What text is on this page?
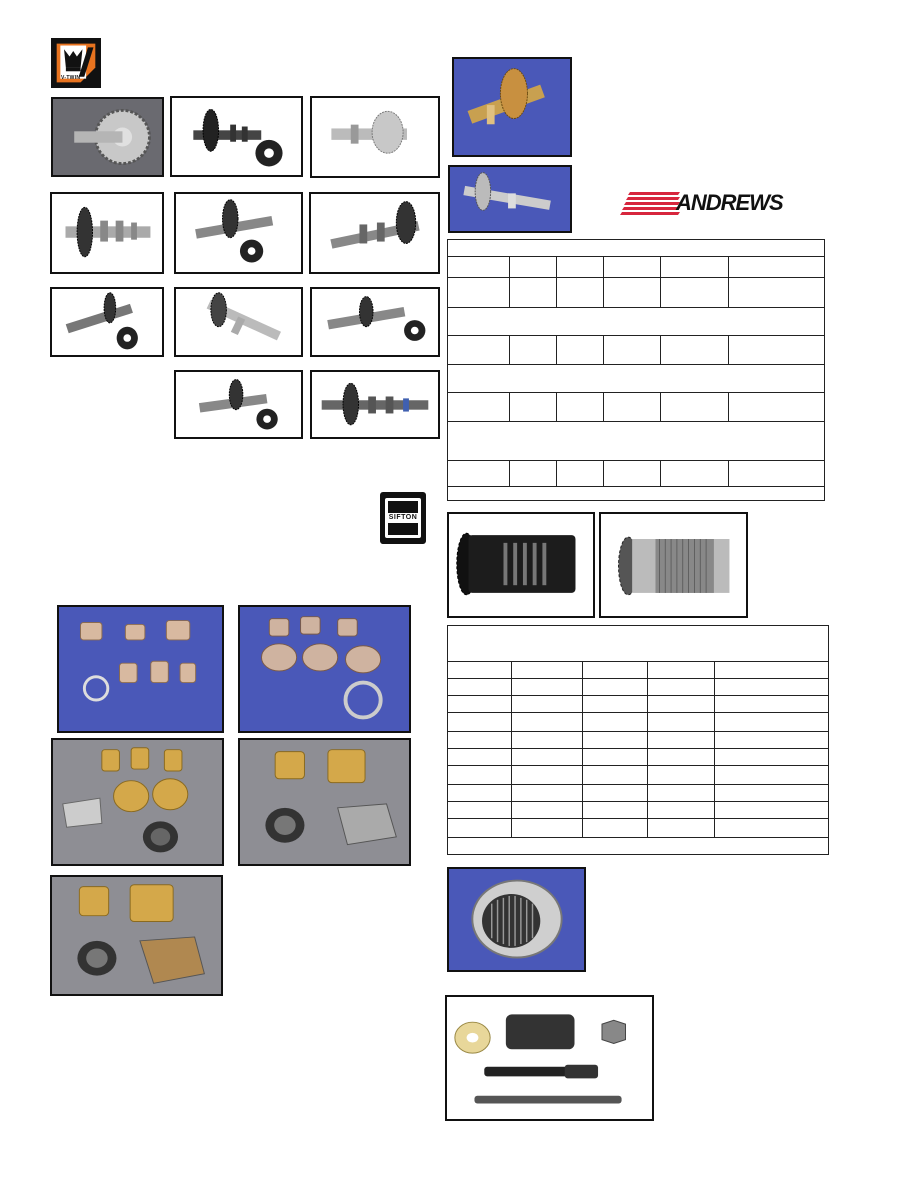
V-TWIN
SIFTON
ANDREWS
